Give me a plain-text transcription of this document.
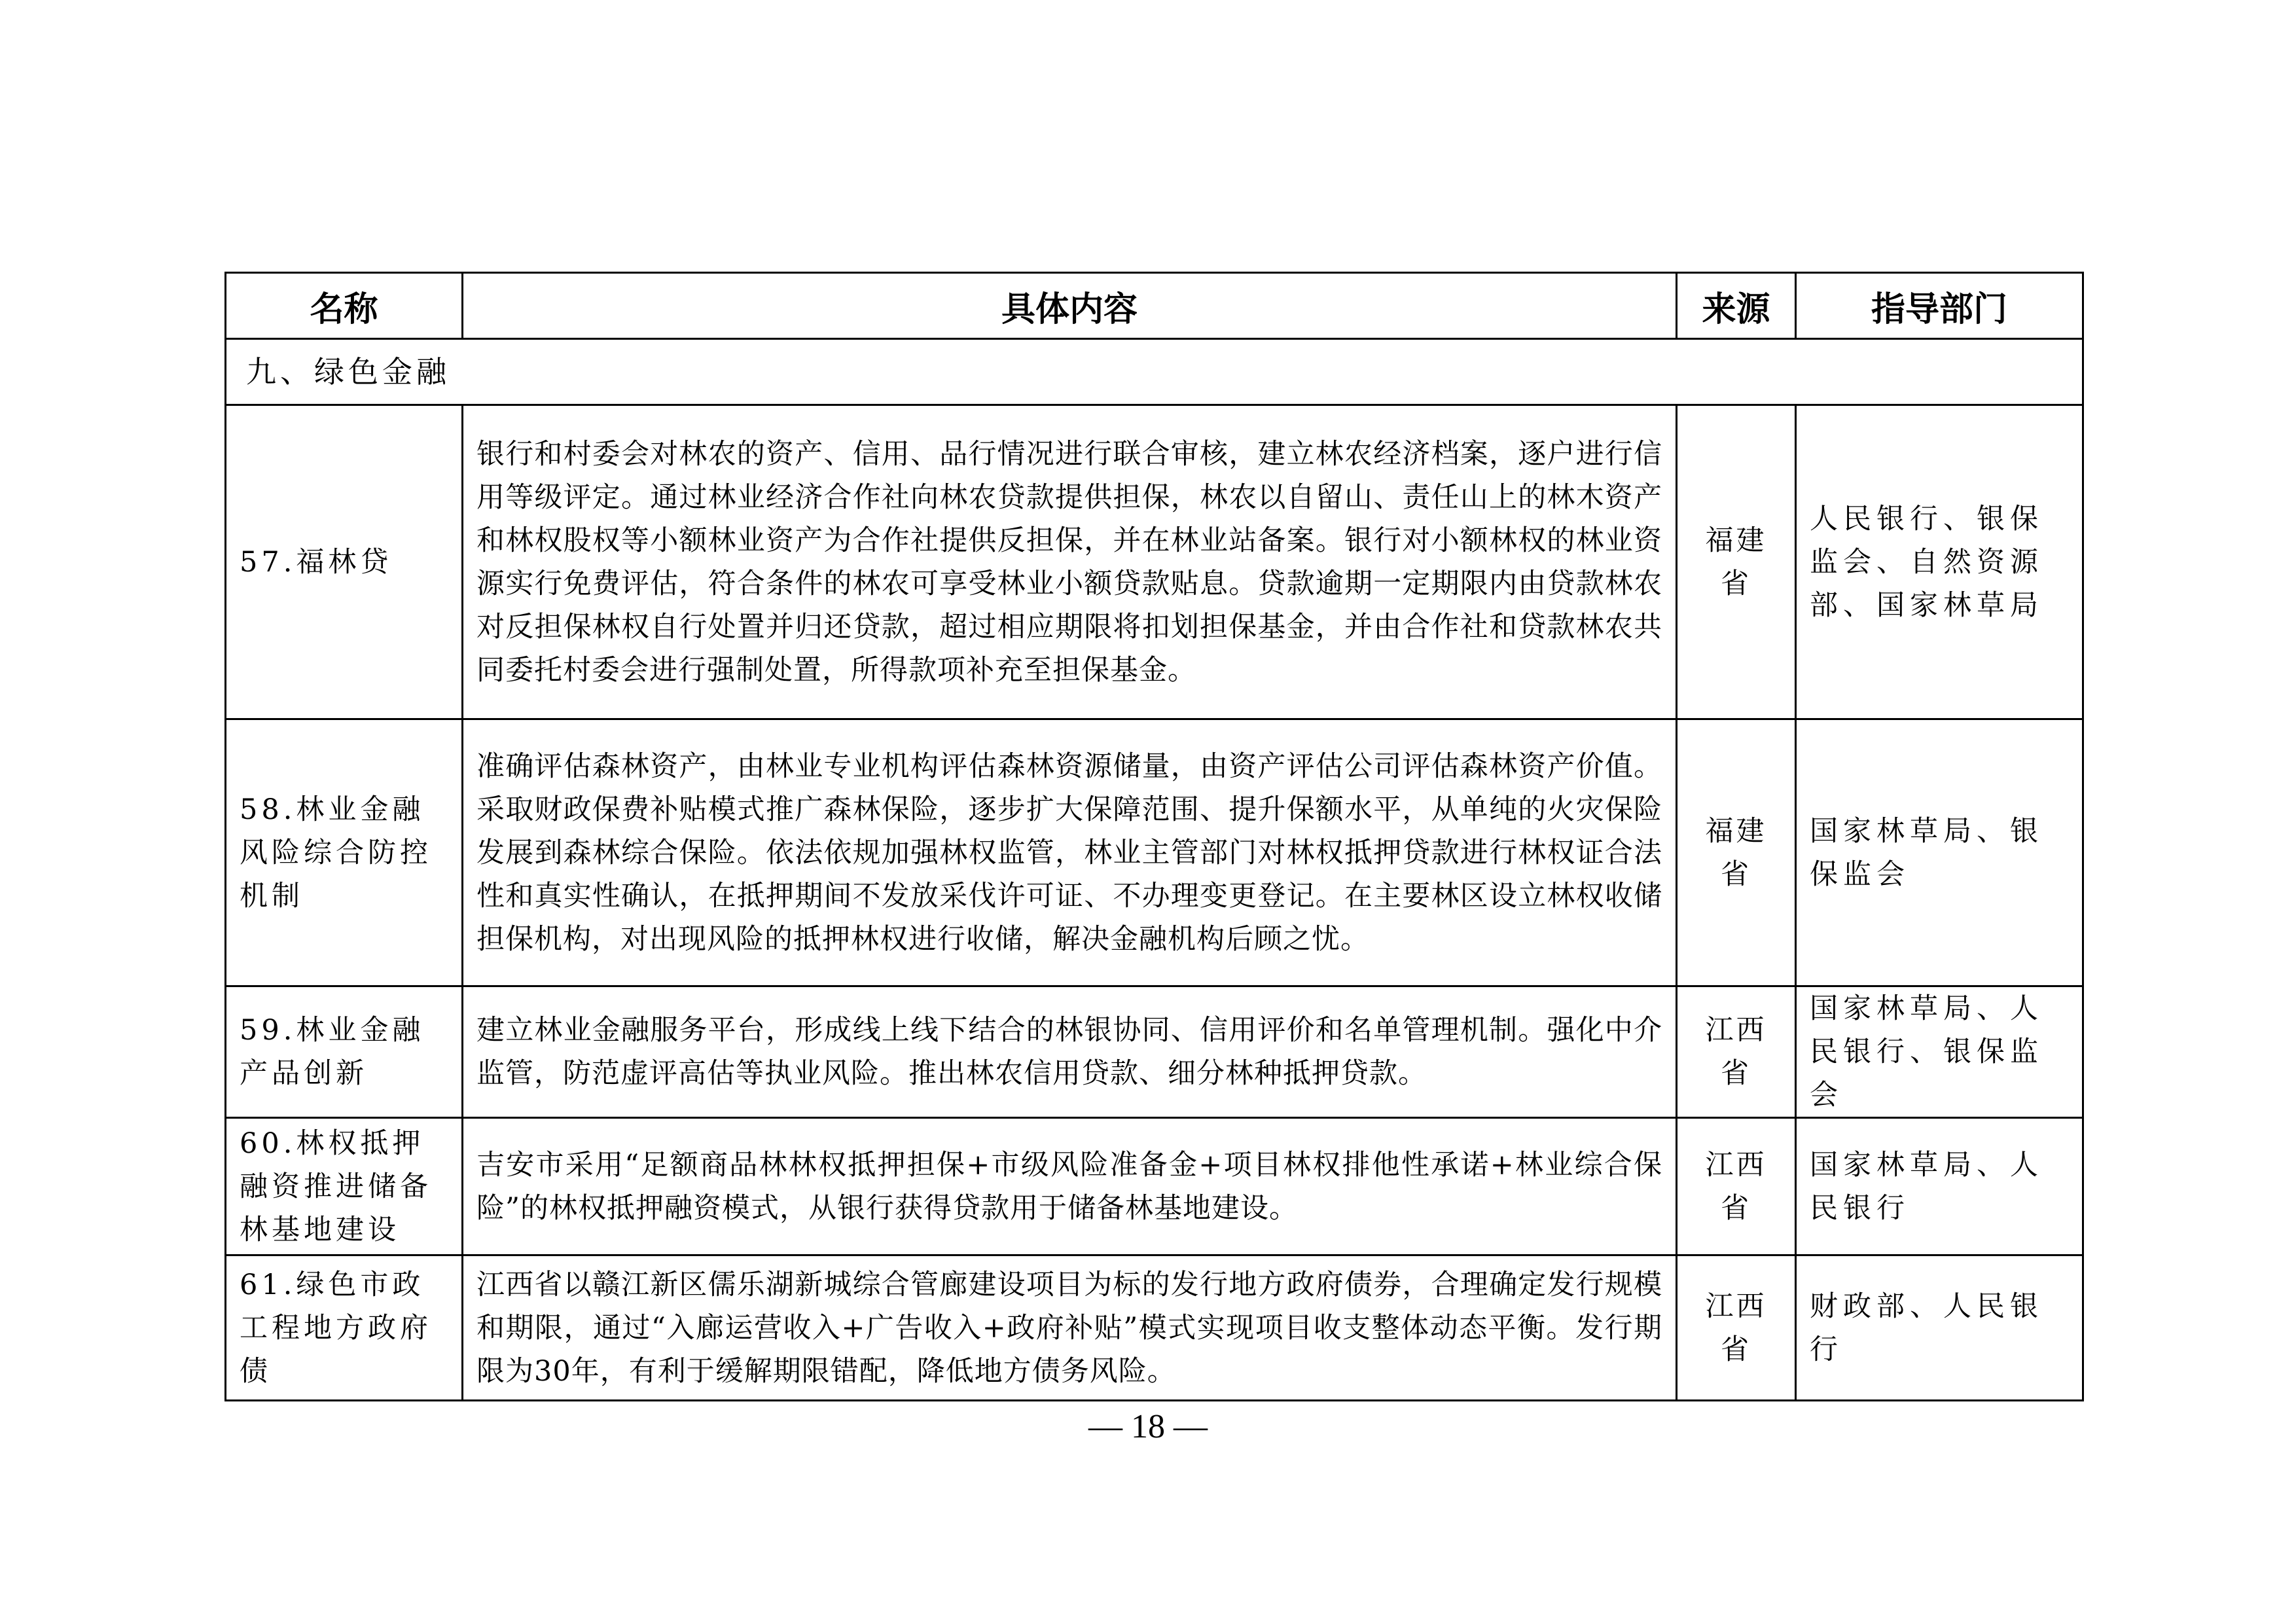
名称	具体内容	来源	指导部门
九、绿色金融			
57.福林贷	银行和村委会对林农的资产、信用、品行情况进行联合审核，建立林农经济档案，逐户进行信用等级评定。通过林业经济合作社向林农贷款提供担保，林农以自留山、责任山上的林木资产和林权股权等小额林业资产为合作社提供反担保，并在林业站备案。银行对小额林权的林业资源实行免费评估，符合条件的林农可享受林业小额贷款贴息。贷款逾期一定期限内由贷款林农对反担保林权自行处置并归还贷款，超过相应期限将扣划担保基金，并由合作社和贷款林农共同委托村委会进行强制处置，所得款项补充至担保基金。	福建省	人民银行、银保监会、自然资源部、国家林草局
58.林业金融风险综合防控机制	准确评估森林资产，由林业专业机构评估森林资源储量，由资产评估公司评估森林资产价值。采取财政保费补贴模式推广森林保险，逐步扩大保障范围、提升保额水平，从单纯的火灾保险发展到森林综合保险。依法依规加强林权监管，林业主管部门对林权抵押贷款进行林权证合法性和真实性确认，在抵押期间不发放采伐许可证、不办理变更登记。在主要林区设立林权收储担保机构，对出现风险的抵押林权进行收储，解决金融机构后顾之忧。	福建省	国家林草局、银保监会
59.林业金融产品创新	建立林业金融服务平台，形成线上线下结合的林银协同、信用评价和名单管理机制。强化中介监管，防范虚评高估等执业风险。推出林农信用贷款、细分林种抵押贷款。	江西省	国家林草局、人民银行、银保监会
60.林权抵押融资推进储备林基地建设	吉安市采用“足额商品林林权抵押担保+市级风险准备金+项目林权排他性承诺+林业综合保险”的林权抵押融资模式，从银行获得贷款用于储备林基地建设。	江西省	国家林草局、人民银行
61.绿色市政工程地方政府债	江西省以赣江新区儒乐湖新城综合管廊建设项目为标的发行地方政府债券，合理确定发行规模和期限，通过“入廊运营收入+广告收入+政府补贴”模式实现项目收支整体动态平衡。发行期限为30年，有利于缓解期限错配，降低地方债务风险。	江西省	财政部、人民银行
— 18 —
